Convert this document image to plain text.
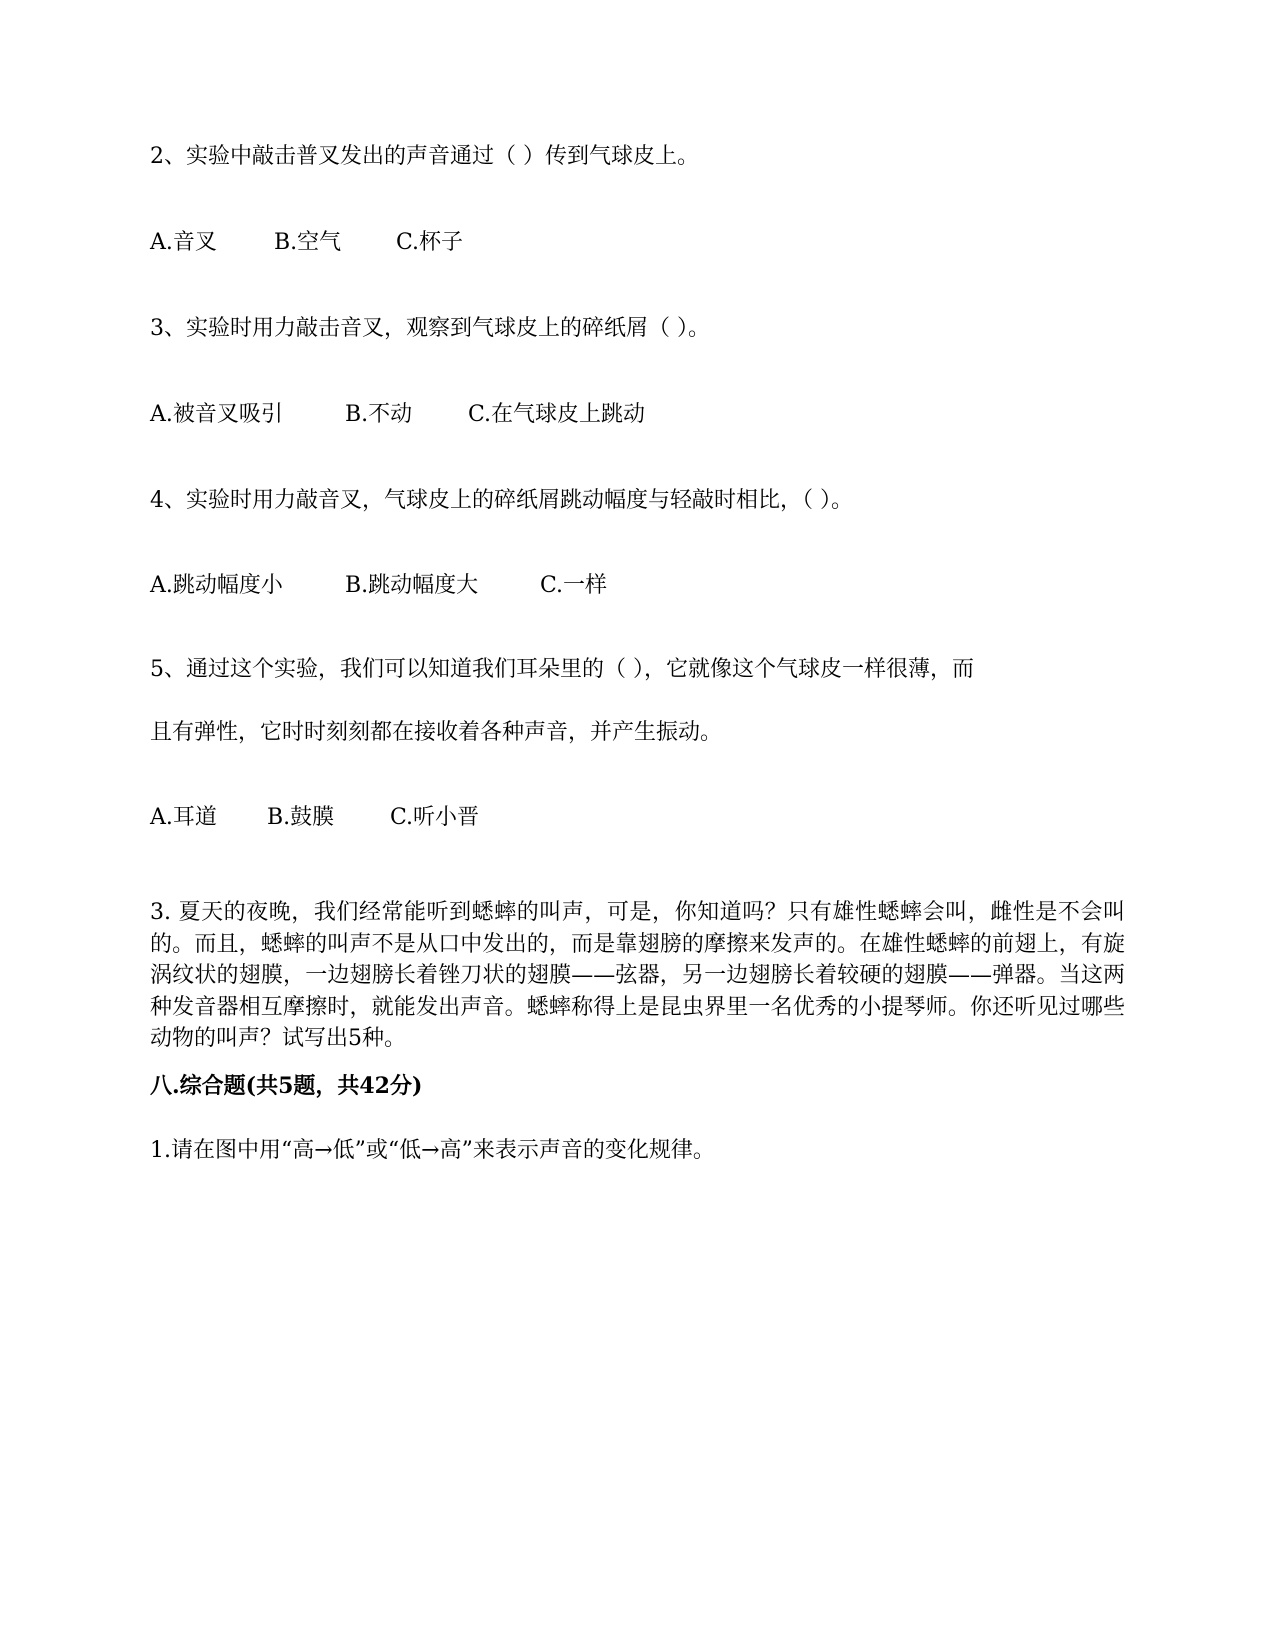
2、实验中敲击普叉发出的声音通过（ ）传到气球皮上。
A.音叉	B.空气 C.杯子
3、实验时用力敲击音叉，观察到气球皮上的碎纸屑（ ）。
A.被音叉吸引	B.不动	C.在气球皮上跳动
4、实验时用力敲音叉，气球皮上的碎纸屑跳动幅度与轻敲时相比，（ ）。
A.跳动幅度小	B.跳动幅度大	C.一样
5、通过这个实验，我们可以知道我们耳朵里的（ ），它就像这个气球皮一样很薄，而
且有弹性，它时时刻刻都在接收着各种声音，并产生振动。
A.耳道 B.鼓膜	C.听小晋
3. 夏天的夜晚，我们经常能听到蟋蟀的叫声，可是，你知道吗？只有雄性蟋蟀会叫，雌性是不会叫的。而且，蟋蟀的叫声不是从口中发出的，而是靠翅膀的摩擦来发声的。在雄性蟋蟀的前翅上，有旋涡纹状的翅膜，一边翅膀长着锉刀状的翅膜——弦器，另一边翅膀长着较硬的翅膜——弹器。当这两种发音器相互摩擦时，就能发出声音。蟋蟀称得上是昆虫界里一名优秀的小提琴师。你还听见过哪些动物的叫声？试写出5种。
八.综合题(共5题，共42分)
1.请在图中用“高→低”或“低→高”来表示声音的变化规律。
